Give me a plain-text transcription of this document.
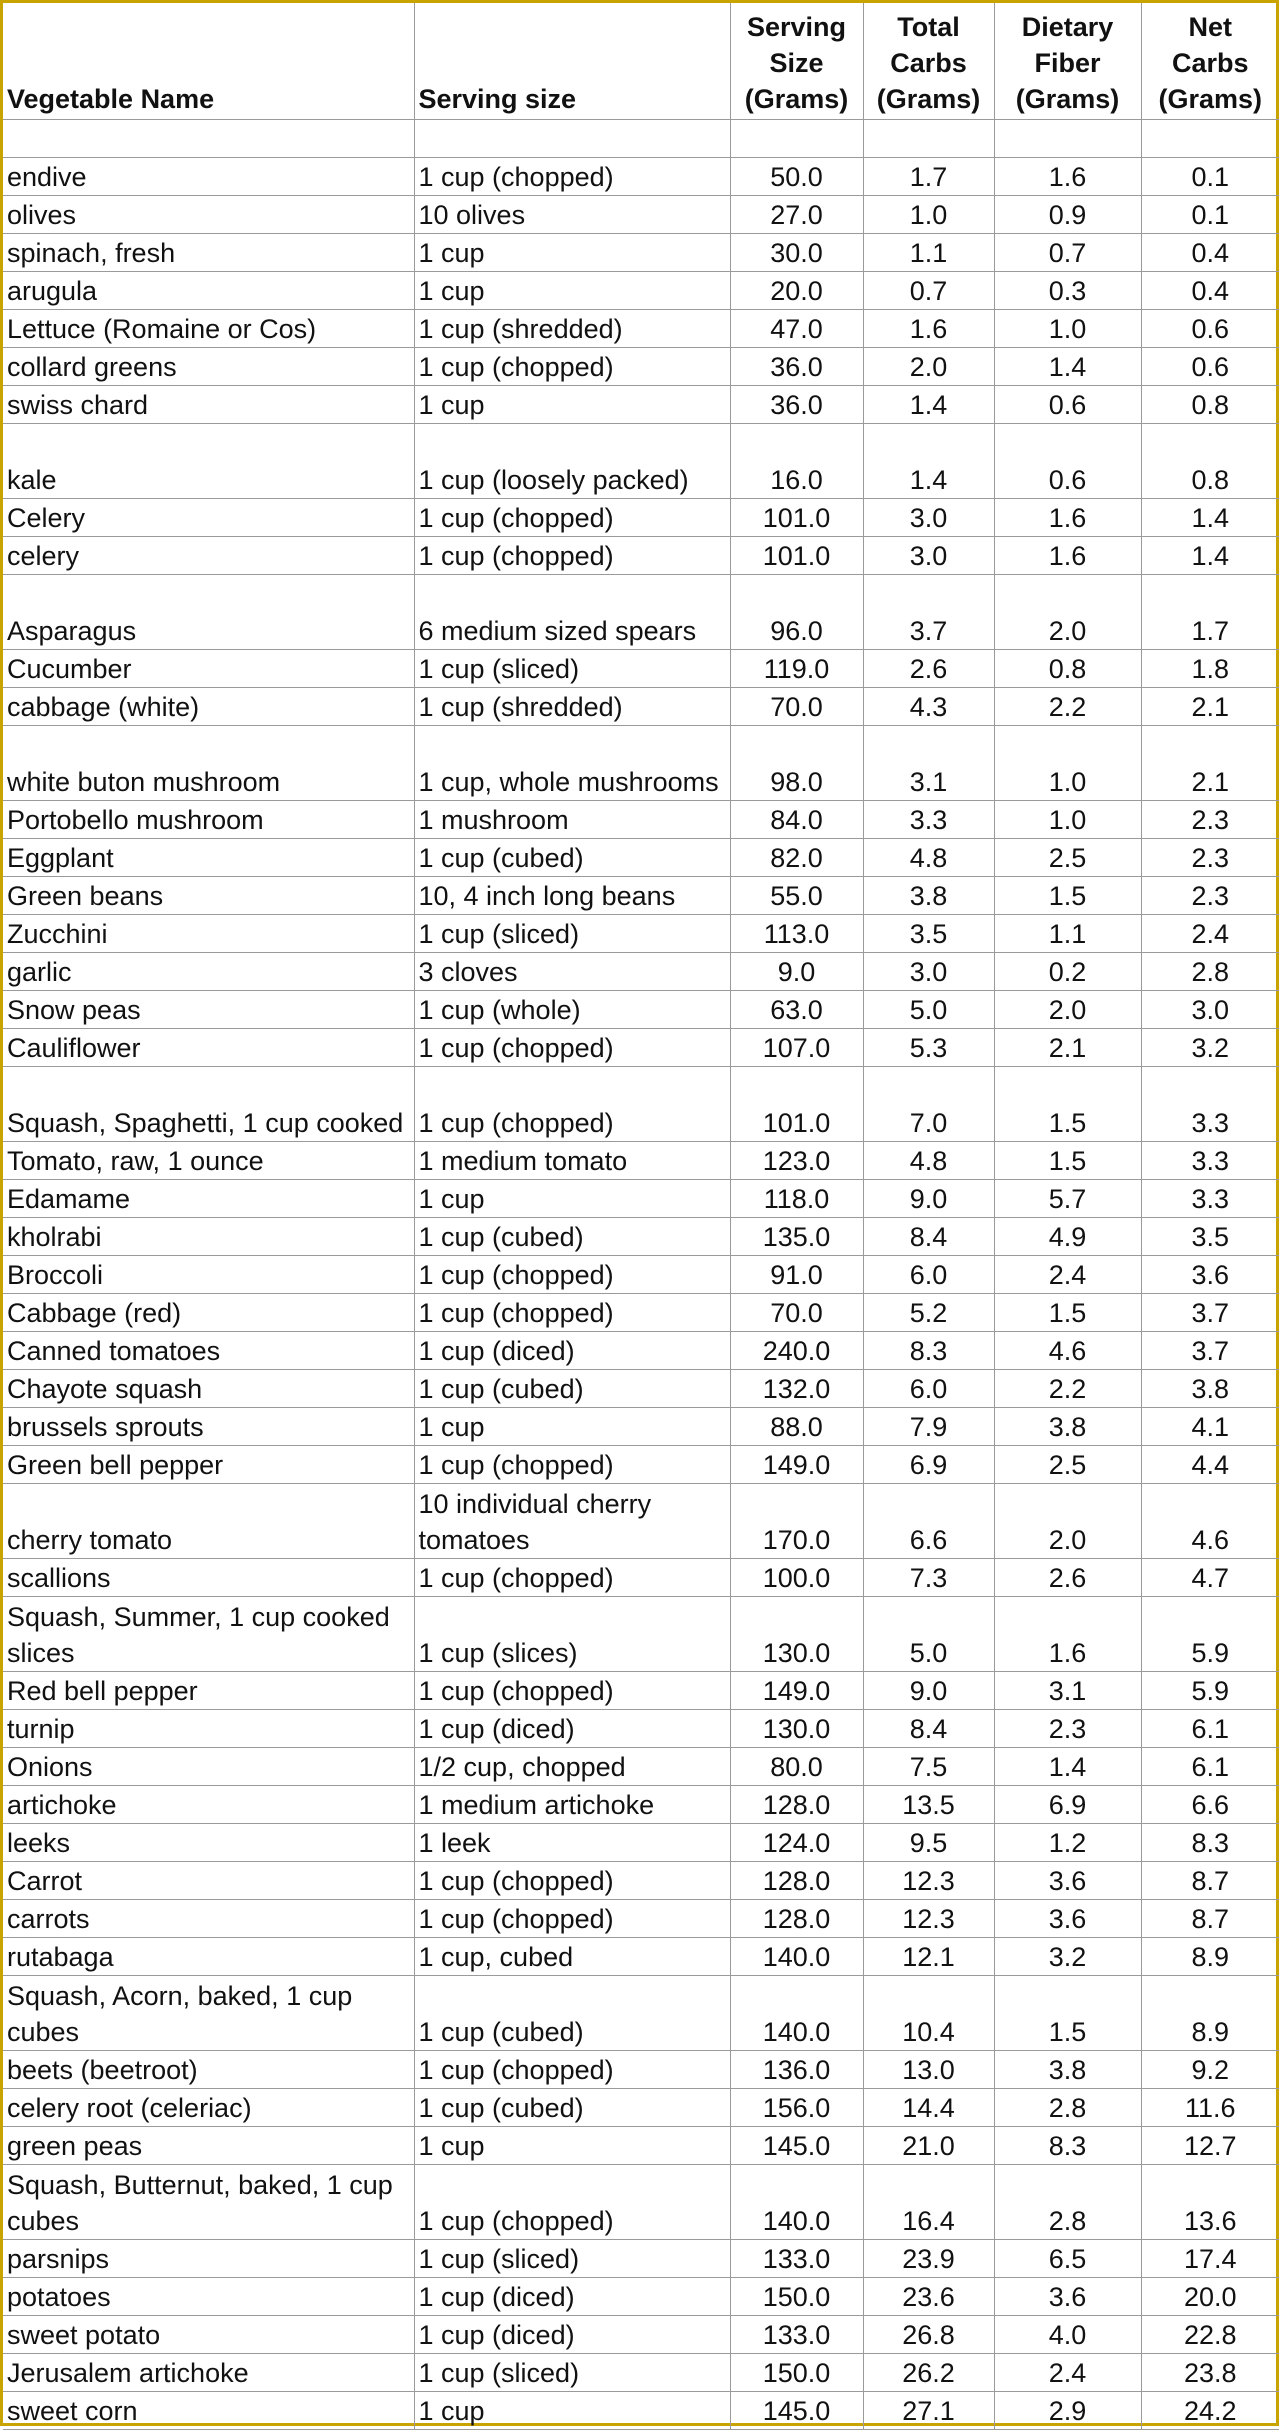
Vegetable Name	Serving size	Serving Size (Grams)	Total Carbs (Grams)	Dietary Fiber (Grams)	Net Carbs (Grams)

endive	1 cup (chopped)	50.0	1.7	1.6	0.1
olives	10 olives	27.0	1.0	0.9	0.1
spinach, fresh	1 cup	30.0	1.1	0.7	0.4
arugula	1 cup	20.0	0.7	0.3	0.4
Lettuce (Romaine or Cos)	1 cup (shredded)	47.0	1.6	1.0	0.6
collard greens	1 cup (chopped)	36.0	2.0	1.4	0.6
swiss chard	1 cup	36.0	1.4	0.6	0.8
kale	1 cup (loosely packed)	16.0	1.4	0.6	0.8
Celery	1 cup (chopped)	101.0	3.0	1.6	1.4
celery	1 cup (chopped)	101.0	3.0	1.6	1.4
Asparagus	6 medium sized spears	96.0	3.7	2.0	1.7
Cucumber	1 cup (sliced)	119.0	2.6	0.8	1.8
cabbage (white)	1 cup (shredded)	70.0	4.3	2.2	2.1
white buton mushroom	1 cup, whole mushrooms	98.0	3.1	1.0	2.1
Portobello mushroom	1 mushroom	84.0	3.3	1.0	2.3
Eggplant	1 cup (cubed)	82.0	4.8	2.5	2.3
Green beans	10, 4 inch long beans	55.0	3.8	1.5	2.3
Zucchini	1 cup (sliced)	113.0	3.5	1.1	2.4
garlic	3 cloves	9.0	3.0	0.2	2.8
Snow peas	1 cup (whole)	63.0	5.0	2.0	3.0
Cauliflower	1 cup (chopped)	107.0	5.3	2.1	3.2
Squash, Spaghetti, 1 cup cooked	1 cup (chopped)	101.0	7.0	1.5	3.3
Tomato, raw, 1 ounce	1 medium tomato	123.0	4.8	1.5	3.3
Edamame	1 cup	118.0	9.0	5.7	3.3
kholrabi	1 cup (cubed)	135.0	8.4	4.9	3.5
Broccoli	1 cup (chopped)	91.0	6.0	2.4	3.6
Cabbage (red)	1 cup (chopped)	70.0	5.2	1.5	3.7
Canned tomatoes	1 cup (diced)	240.0	8.3	4.6	3.7
Chayote squash	1 cup (cubed)	132.0	6.0	2.2	3.8
brussels sprouts	1 cup	88.0	7.9	3.8	4.1
Green bell pepper	1 cup (chopped)	149.0	6.9	2.5	4.4
cherry tomato	10 individual cherry tomatoes	170.0	6.6	2.0	4.6
scallions	1 cup (chopped)	100.0	7.3	2.6	4.7
Squash, Summer, 1 cup cooked slices	1 cup (slices)	130.0	5.0	1.6	5.9
Red bell pepper	1 cup (chopped)	149.0	9.0	3.1	5.9
turnip	1 cup (diced)	130.0	8.4	2.3	6.1
Onions	1/2 cup, chopped	80.0	7.5	1.4	6.1
artichoke	1 medium artichoke	128.0	13.5	6.9	6.6
leeks	1 leek	124.0	9.5	1.2	8.3
Carrot	1 cup (chopped)	128.0	12.3	3.6	8.7
carrots	1 cup (chopped)	128.0	12.3	3.6	8.7
rutabaga	1 cup, cubed	140.0	12.1	3.2	8.9
Squash, Acorn, baked, 1 cup cubes	1 cup (cubed)	140.0	10.4	1.5	8.9
beets (beetroot)	1 cup (chopped)	136.0	13.0	3.8	9.2
celery root (celeriac)	1 cup (cubed)	156.0	14.4	2.8	11.6
green peas	1 cup	145.0	21.0	8.3	12.7
Squash, Butternut, baked, 1 cup cubes	1 cup (chopped)	140.0	16.4	2.8	13.6
parsnips	1 cup (sliced)	133.0	23.9	6.5	17.4
potatoes	1 cup (diced)	150.0	23.6	3.6	20.0
sweet potato	1 cup (diced)	133.0	26.8	4.0	22.8
Jerusalem artichoke	1 cup (sliced)	150.0	26.2	2.4	23.8
sweet corn	1 cup	145.0	27.1	2.9	24.2
